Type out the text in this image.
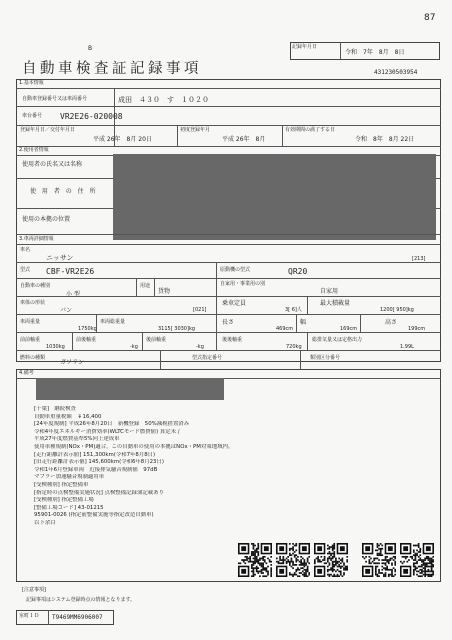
87
B
自動車検査証記録事項
記録年月日
令和　7年　8月　8日
431230503954
1.基本情報
自動車登録番号又は車両番号	成田　４３０　す　１０２０
車台番号 VR2E26-020008
登録年月日／交付年月日
平成 26年　8月 20日
初度登録年月
平成 26年　8月
有効期間の満了する日
令和　8年　8月 22日
2.使用者情報
使用者の氏名又は名称
使 用 者 の 住 所
使用の本拠の位置
3.車両詳細情報
車名
ニッサン	[213]
型式 CBF-VR2E26	原動機の型式	QR20
自動車の種別
小 型
用途
貨物
自家用・事業用の別
自家用
車体の形状
バン	[021]
乗車定員
3[ 6]人
最大積載量
1200[ 950]kg
車両重量
1750kg
車両総重量
3115[ 3030]kg
長さ
469cm
幅
169cm
高さ
199cm
前前軸重
1030kg
前後軸重
-kg
後前軸重
-kg
後後軸重
720kg
総排気量又は定格出力
1.99L
燃料の種類
ガソリン
型式指定番号	類別区分番号
4.備考
[千葉]　継続検査
自動車重量税額　￥16,400
[24年度規制] 平成26年8月20日　新機登録　50%減税措置済み
令和4年度エネルギー消費効率(WLTCモード燃費値) 算定未了
平成27年度燃費基準5%向上達成車
使用車種規制(NOx・PM)適合。この自動車の使用の本拠はNOx・PM対策地域内。
[走行距離計表示値] 151,300km(令和7年8月8日)
[旧走行距離計表示値] 145,600km(令和6年8月23日)
令和1年6月登録車両　近接排気騒音規制値　97dB
マフラー加速騒音規制適用車
[受検種別] 指定整備車
[指定時の点検整備実施状況] 点検整備記録簿記載あり
[受検種別] 指定整備工場
[整備工場コード] 43-01215
95901-0026 (指定前整備実施等指定改造自動車)
以下余白
[注意事項]
記録事項はシステム登録時点の情報となります。
室町ＩＤ T9469MM6906007
